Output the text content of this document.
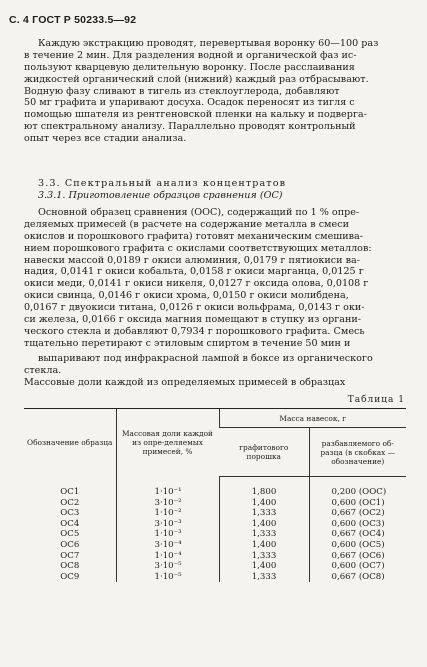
С. 4 ГОСТ Р 50233.5—92
Каждую экстракцию проводят, перевертывая воронку 60—100 раз
в течение 2 мин. Для разделения водной и органической фаз ис-
пользуют кварцевую делительную воронку. После расслаивания
жидкостей органический слой (нижний) каждый раз отбрасывают.
Водную фазу сливают в тигель из стеклоуглерода, добавляют
50 мг графита и упаривают досуха. Осадок переносят из тигля с
помощью шпателя из рентгеновской пленки на кальку и подверга-
ют спектральному анализу. Параллельно проводят контрольный
опыт через все стадии анализа.
3.3. Спектральный анализ концентратов
3.3.1. Приготовление образцов сравнения (ОС)
Основной образец сравнения (ООС), содержащий по 1 % опре-
деляемых примесей (в расчете на содержание металла в смеси
окислов и порошкового графита) готовят механическим смешива-
нием порошкового графита с окислами соответствующих металлов:
навески массой 0,0189 г окиси алюминия, 0,0179 г пятиокиси ва-
надия, 0,0141 г окиси кобальта, 0,0158 г окиси марганца, 0,0125 г
окиси меди, 0,0141 г окиси никеля, 0,0127 г оксида олова, 0,0108 г
окиси свинца, 0,0146 г окиси хрома, 0,0150 г окиси молибдена,
0,0167 г двуокиси титана, 0,0126 г окиси вольфрама, 0,0143 г оки-
си железа, 0,0166 г оксида магния помещают в ступку из органи-
ческого стекла и добавляют 0,7934 г порошкового графита. Смесь
тщательно перетирают с этиловым спиртом в течение 50 мин и
выпаривают под инфракрасной лампой в боксе из органического
стекла.
Массовые доли каждой из определяемых примесей в образцах
Таблица 1
Обозначение образца	Массовая доли каждой из опре-деляемых примесей, %	Масса навесок, г	
		графитового порошка	разбавляемого об-разца (в скобках — обозначение)
ОС1	1·10⁻¹	1,800	0,200 (ООС)
ОС2	3·10⁻²	1,400	0,600 (ОС1)
ОС3	1·10⁻²	1,333	0,667 (ОС2)
ОС4	3·10⁻³	1,400	0,600 (ОС3)
ОС5	1·10⁻³	1,333	0,667 (ОС4)
ОС6	3·10⁻⁴	1,400	0,600 (ОС5)
ОС7	1·10⁻⁴	1,333	0,667 (ОС6)
ОС8	3·10⁻⁵	1,400	0,600 (ОС7)
ОС9	1·10⁻⁵	1,333	0,667 (ОС8)
